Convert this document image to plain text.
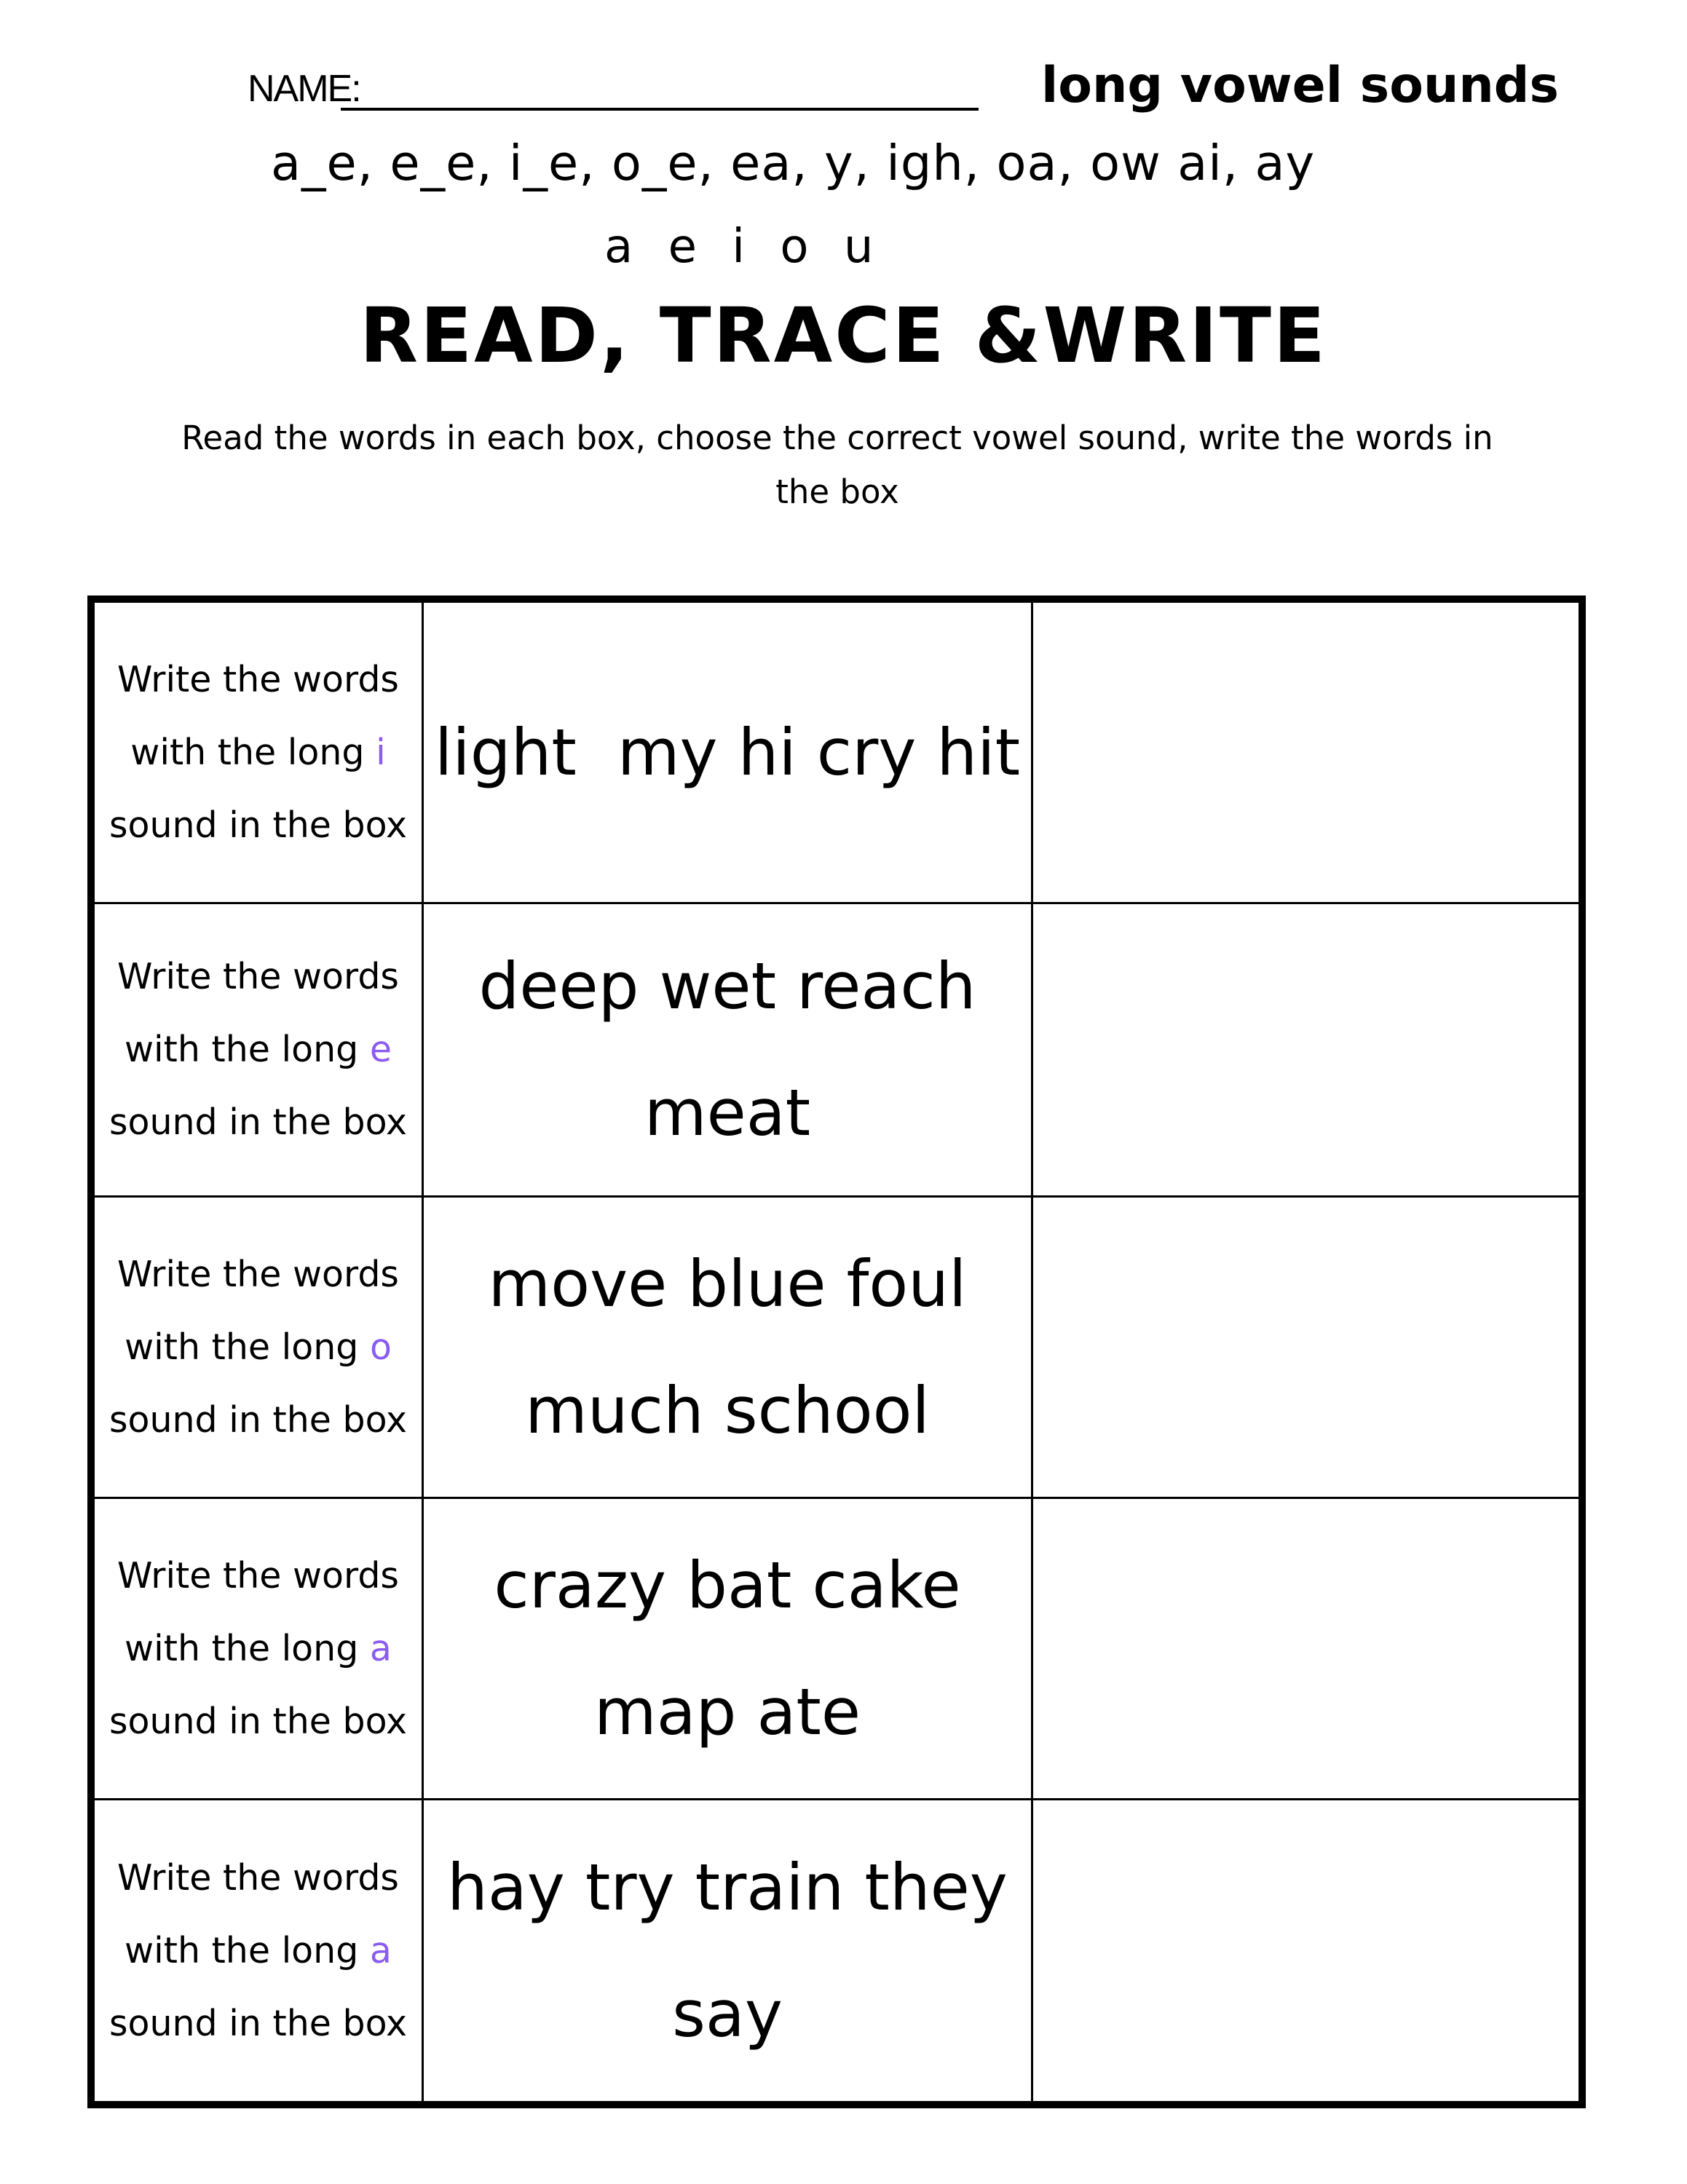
NAME:	long vowel sounds
a_e, e_e, i_e, o_e, ea, y, igh, oa, ow ai, ay
a e i o u
READ, TRACE &WRITE
Read the words in each box, choose the correct vowel sound, write the words in the box
Write the words with the long i sound in the box
light  my hi cry hit
Write the words with the long e sound in the box
deep wet reach meat
Write the words with the long o sound in the box
move blue foul much school
Write the words with the long a sound in the box
crazy bat cake map ate
Write the words with the long a sound in the box
hay try train they say
